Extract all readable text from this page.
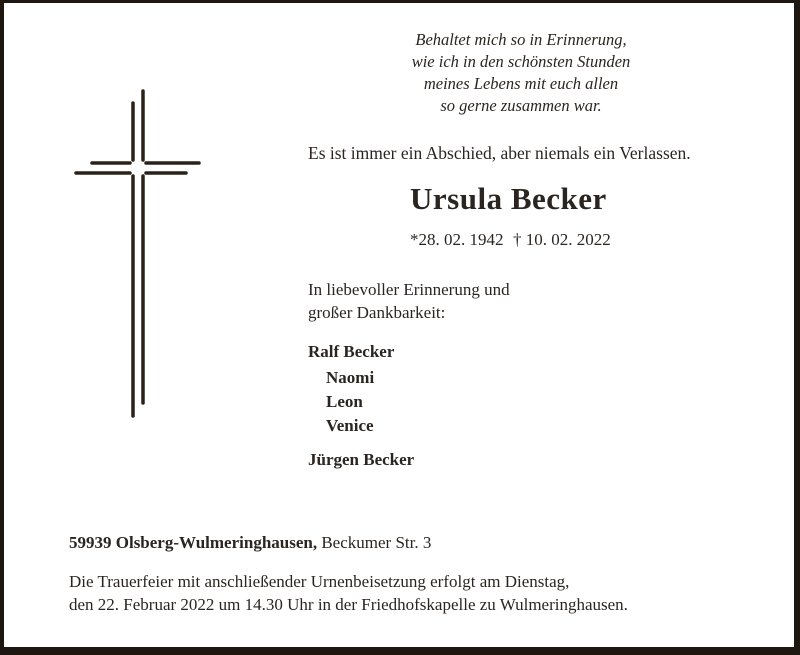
Behaltet mich so in Erinnerung,
wie ich in den schönsten Stunden
meines Lebens mit euch allen
so gerne zusammen war.
Es ist immer ein Abschied, aber niemals ein Verlassen.
Ursula Becker
*28. 02. 1942 † 10. 02. 2022
In liebevoller Erinnerung und
großer Dankbarkeit:
Ralf Becker
Naomi
Leon
Venice
Jürgen Becker
59939 Olsberg-Wulmeringhausen, Beckumer Str. 3
Die Trauerfeier mit anschließender Urnenbeisetzung erfolgt am Dienstag,
den 22. Februar 2022 um 14.30 Uhr in der Friedhofskapelle zu Wulmeringhausen.
